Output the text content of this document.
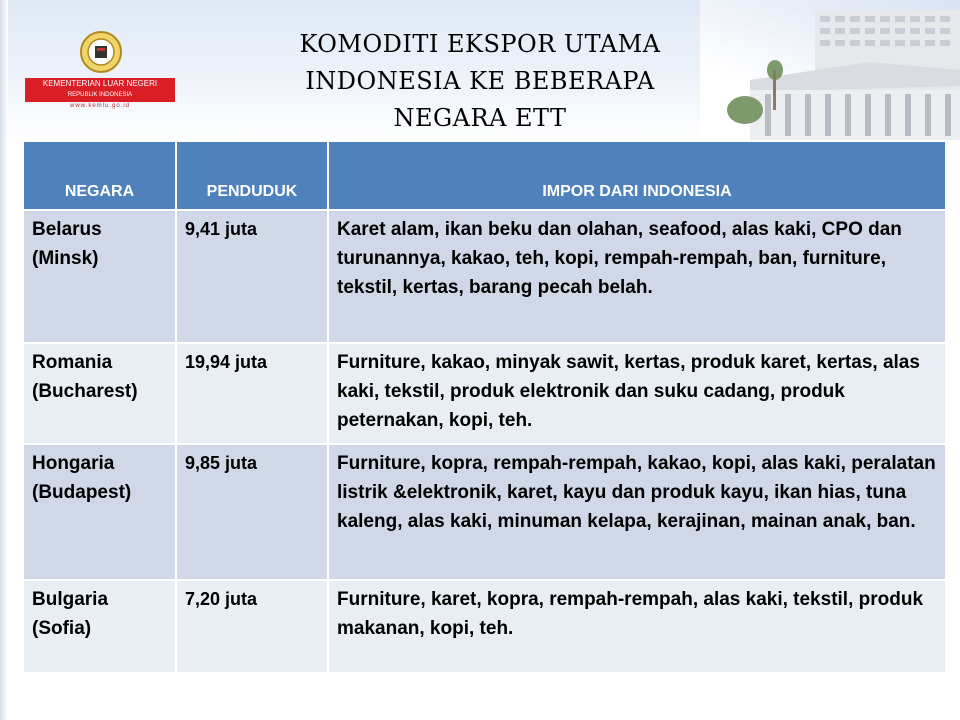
KEMENTERIAN LUAR NEGERI
REPUBLIK INDONESIA
www.kemlu.go.id
KOMODITI EKSPOR UTAMA
INDONESIA KE BEBERAPA
NEGARA ETT
NEGARA	PENDUDUK	IMPOR DARI INDONESIA

Belarus
(Minsk)	9,41 juta	Karet alam, ikan beku dan olahan, seafood, alas kaki, CPO dan turunannya, kakao, teh, kopi, rempah-rempah, ban, furniture, tekstil, kertas, barang pecah belah.

Romania
(Bucharest)	19,94 juta	Furniture, kakao, minyak sawit, kertas, produk karet, kertas, alas kaki, tekstil, produk elektronik dan suku cadang, produk peternakan, kopi, teh.

Hongaria
(Budapest)	9,85 juta	Furniture, kopra, rempah-rempah, kakao, kopi, alas kaki, peralatan listrik &elektronik, karet, kayu dan produk kayu, ikan hias, tuna kaleng, alas kaki, minuman kelapa, kerajinan, mainan anak, ban.

Bulgaria
(Sofia)	7,20 juta	Furniture, karet, kopra, rempah-rempah, alas kaki, tekstil, produk makanan, kopi, teh.
